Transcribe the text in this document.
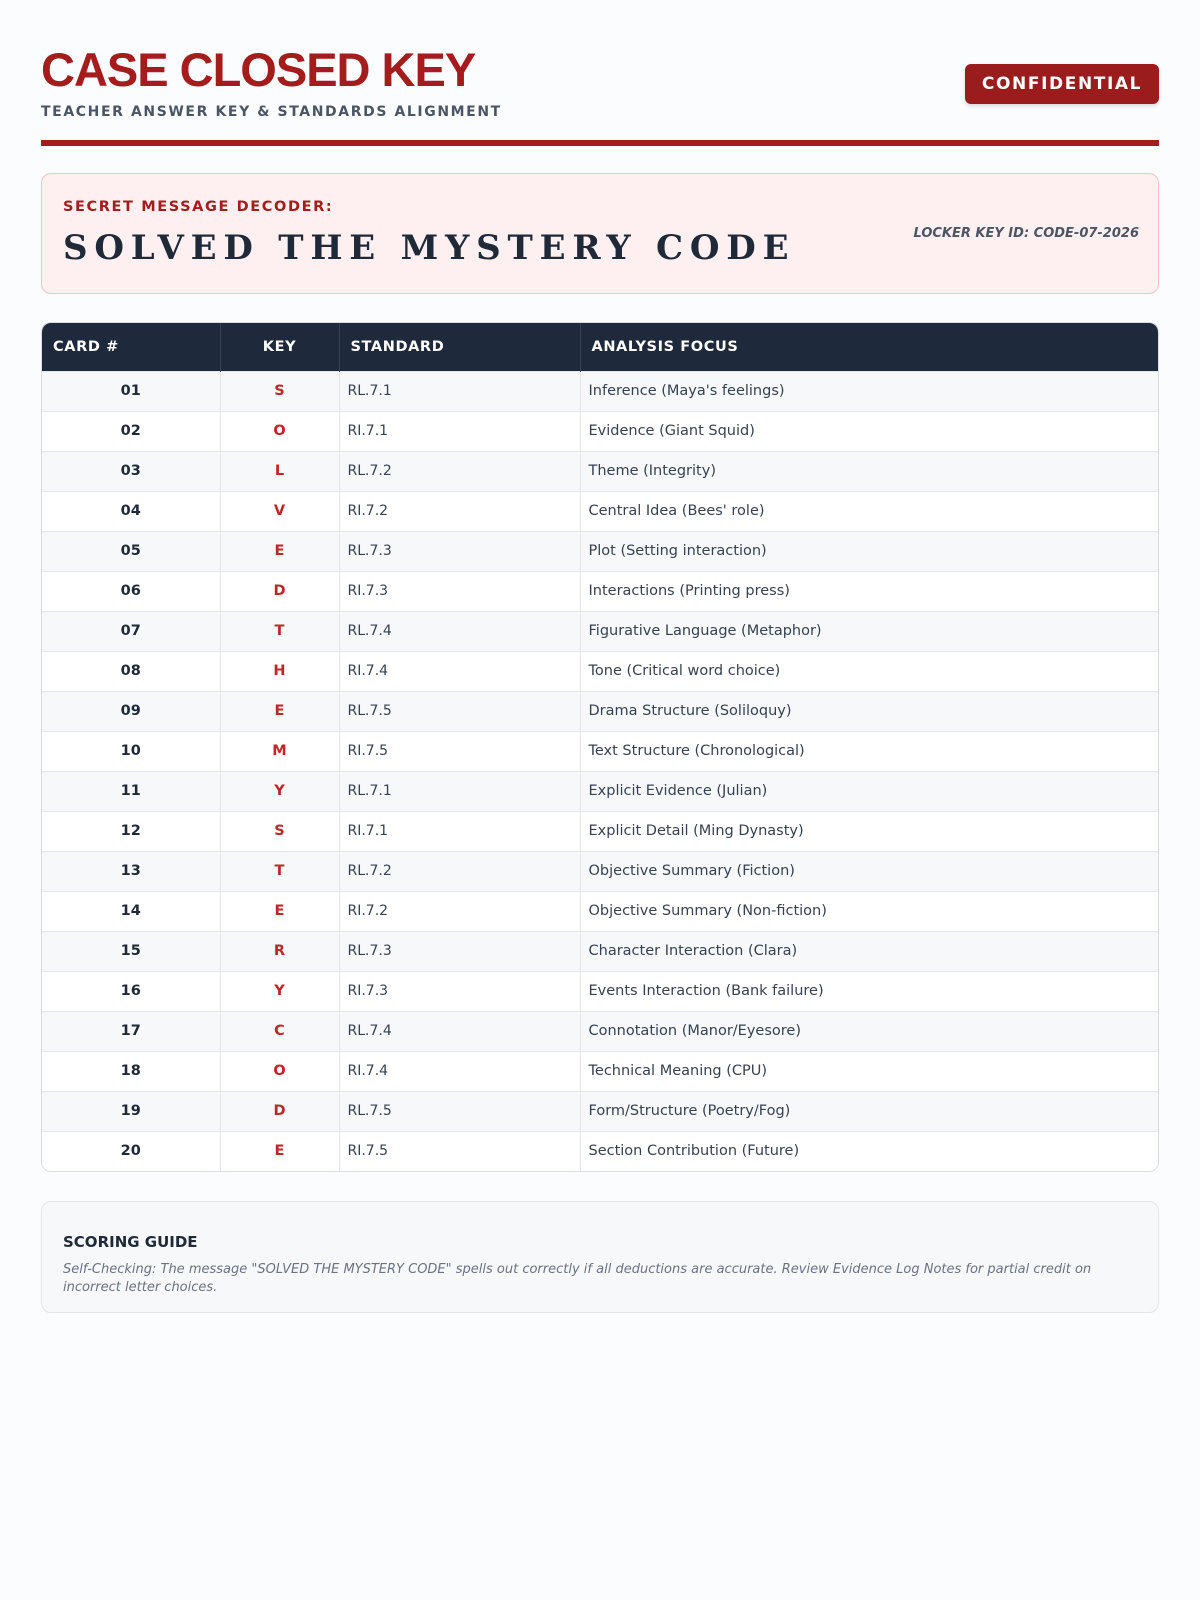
CASE CLOSED KEY
TEACHER ANSWER KEY & STANDARDS ALIGNMENT
CONFIDENTIAL
SECRET MESSAGE DECODER:
SOLVED THE MYSTERY CODE	LOCKER KEY ID: CODE-07-2026
CARD #	KEY	STANDARD	ANALYSIS FOCUS
01	S	RL.7.1	Inference (Maya's feelings)
02	O	RI.7.1	Evidence (Giant Squid)
03	L	RL.7.2	Theme (Integrity)
04	V	RI.7.2	Central Idea (Bees' role)
05	E	RL.7.3	Plot (Setting interaction)
06	D	RI.7.3	Interactions (Printing press)
07	T	RL.7.4	Figurative Language (Metaphor)
08	H	RI.7.4	Tone (Critical word choice)
09	E	RL.7.5	Drama Structure (Soliloquy)
10	M	RI.7.5	Text Structure (Chronological)
11	Y	RL.7.1	Explicit Evidence (Julian)
12	S	RI.7.1	Explicit Detail (Ming Dynasty)
13	T	RL.7.2	Objective Summary (Fiction)
14	E	RI.7.2	Objective Summary (Non-fiction)
15	R	RL.7.3	Character Interaction (Clara)
16	Y	RI.7.3	Events Interaction (Bank failure)
17	C	RL.7.4	Connotation (Manor/Eyesore)
18	O	RI.7.4	Technical Meaning (CPU)
19	D	RL.7.5	Form/Structure (Poetry/Fog)
20	E	RI.7.5	Section Contribution (Future)
SCORING GUIDE
Self-Checking: The message "SOLVED THE MYSTERY CODE" spells out correctly if all deductions are accurate. Review Evidence Log Notes for partial credit on incorrect letter choices.
